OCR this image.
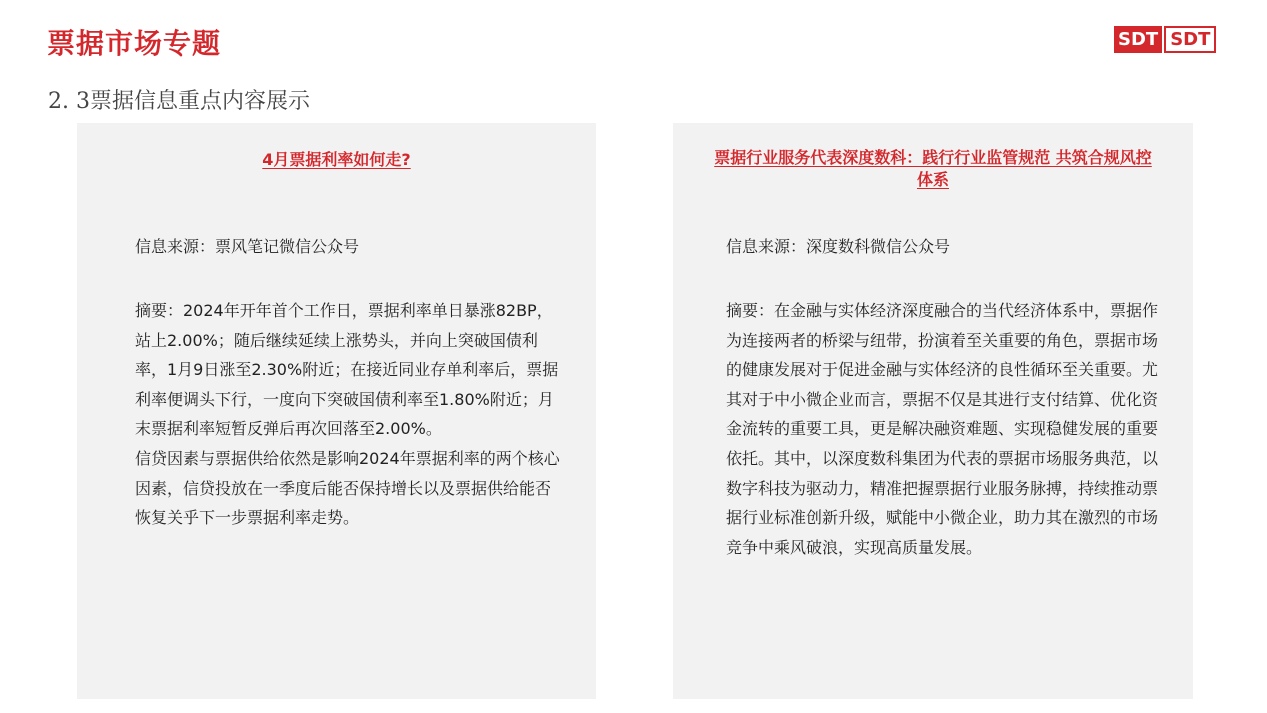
票据市场专题
2. 3票据信息重点内容展示
SDT SDT
4月票据利率如何走?
信息来源：票风笔记微信公众号

摘要：2024年开年首个工作日，票据利率单日暴涨82BP，站上2.00%；随后继续延续上涨势头，并向上突破国债利率，1月9日涨至2.30%附近；在接近同业存单利率后，票据利率便调头下行，一度向下突破国债利率至1.80%附近；月末票据利率短暂反弹后再次回落至2.00%。

信贷因素与票据供给依然是影响2024年票据利率的两个核心因素，信贷投放在一季度后能否保持增长以及票据供给能否恢复关乎下一步票据利率走势。

票据行业服务代表深度数科：践行行业监管规范 共筑合规风控体系
信息来源：深度数科微信公众号

摘要：在金融与实体经济深度融合的当代经济体系中，票据作为连接两者的桥梁与纽带，扮演着至关重要的角色，票据市场的健康发展对于促进金融与实体经济的良性循环至关重要。尤其对于中小微企业而言，票据不仅是其进行支付结算、优化资金流转的重要工具，更是解决融资难题、实现稳健发展的重要依托。其中，以深度数科集团为代表的票据市场服务典范，以数字科技为驱动力，精准把握票据行业服务脉搏，持续推动票据行业标准创新升级，赋能中小微企业，助力其在激烈的市场竞争中乘风破浪，实现高质量发展。
